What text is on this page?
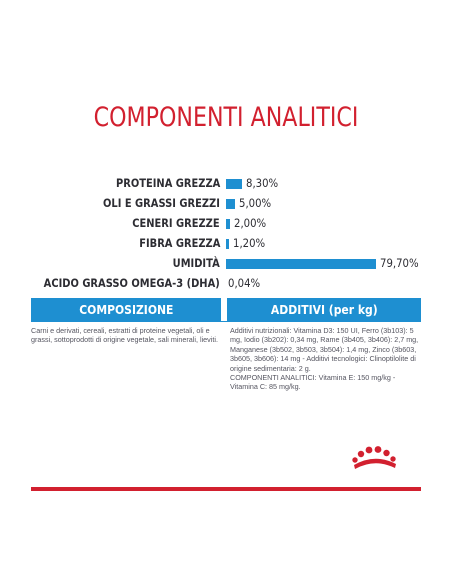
COMPONENTI ANALITICI
PROTEINA GREZZA 8,30%
OLI E GRASSI GREZZI 5,00%
CENERI GREZZE 2,00%
FIBRA GREZZA 1,20%
UMIDITÀ	79,70%
ACIDO GRASSO OMEGA-3 (DHA) 0,04%
COMPOSIZIONE	ADDITIVI (per kg)
Carni e derivati, cereali, estratti di proteine vegetali, oli e grassi, sottoprodotti di origine vegetale, sali minerali, lieviti.
Additivi nutrizionali: Vitamina D3: 150 UI, Ferro (3b103): 5 mg, Iodio (3b202): 0,34 mg, Rame (3b405, 3b406): 2,7 mg, Manganese (3b502, 3b503, 3b504): 1,4 mg, Zinco (3b603, 3b605, 3b606): 14 mg - Additivi tecnologici: Clinoptilolite di origine sedimentaria: 2 g.
COMPONENTI ANALITICI: Vitamina E: 150 mg/kg - Vitamina C: 85 mg/kg.
